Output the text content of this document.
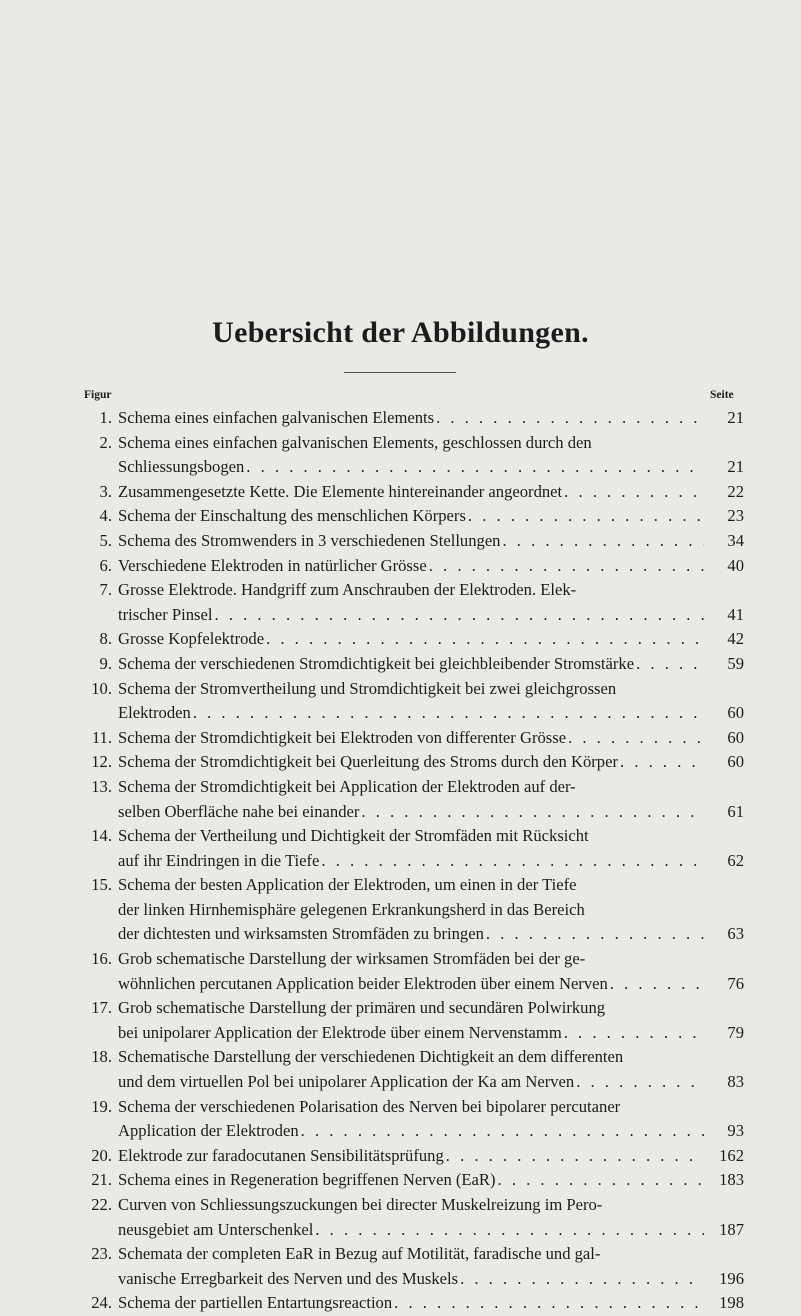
Uebersicht der Abbildungen.
Figur	Seite
1. Schema eines einfachen galvanischen Elements . . .	21
2. Schema eines einfachen galvanischen Elements, geschlossen durch den
Schliessungsbogen . . .	21
3. Zusammengesetzte Kette. Die Elemente hintereinander angeordnet . . .	22
4. Schema der Einschaltung des menschlichen Körpers . . .	23
5. Schema des Stromwenders in 3 verschiedenen Stellungen . . .	34
6. Verschiedene Elektroden in natürlicher Grösse . . .	40
7. Grosse Elektrode. Handgriff zum Anschrauben der Elektroden. Elek-
trischer Pinsel . . .	41
8. Grosse Kopfelektrode . . .	42
9. Schema der verschiedenen Stromdichtigkeit bei gleichbleibender Stromstärke . . .	59
10. Schema der Stromvertheilung und Stromdichtigkeit bei zwei gleichgrossen
Elektroden . . .	60
11. Schema der Stromdichtigkeit bei Elektroden von differenter Grösse . . .	60
12. Schema der Stromdichtigkeit bei Querleitung des Stroms durch den Körper . . .	60
13. Schema der Stromdichtigkeit bei Application der Elektroden auf der-
selben Oberfläche nahe bei einander . . .	61
14. Schema der Vertheilung und Dichtigkeit der Stromfäden mit Rücksicht
auf ihr Eindringen in die Tiefe . . .	62
15. Schema der besten Application der Elektroden, um einen in der Tiefe
der linken Hirnhemisphäre gelegenen Erkrankungsherd in das Bereich
der dichtesten und wirksamsten Stromfäden zu bringen . . .	63
16. Grob schematische Darstellung der wirksamen Stromfäden bei der ge-
wöhnlichen percutanen Application beider Elektroden über einem Nerven . . .	76
17. Grob schematische Darstellung der primären und secundären Polwirkung
bei unipolarer Application der Elektrode über einem Nervenstamm . . .	79
18. Schematische Darstellung der verschiedenen Dichtigkeit an dem differenten
und dem virtuellen Pol bei unipolarer Application der Ka am Nerven . . .	83
19. Schema der verschiedenen Polarisation des Nerven bei bipolarer percutaner
Application der Elektroden . . .	93
20. Elektrode zur faradocutanen Sensibilitätsprüfung . . .	162
21. Schema eines in Regeneration begriffenen Nerven (EaR) . . .	183
22. Curven von Schliessungszuckungen bei directer Muskelreizung im Pero-
neusgebiet am Unterschenkel . . .	187
23. Schemata der completen EaR in Bezug auf Motilität, faradische und gal-
vanische Erregbarkeit des Nerven und des Muskels . . .	196
24. Schema der partiellen Entartungsreaction . . .	198
